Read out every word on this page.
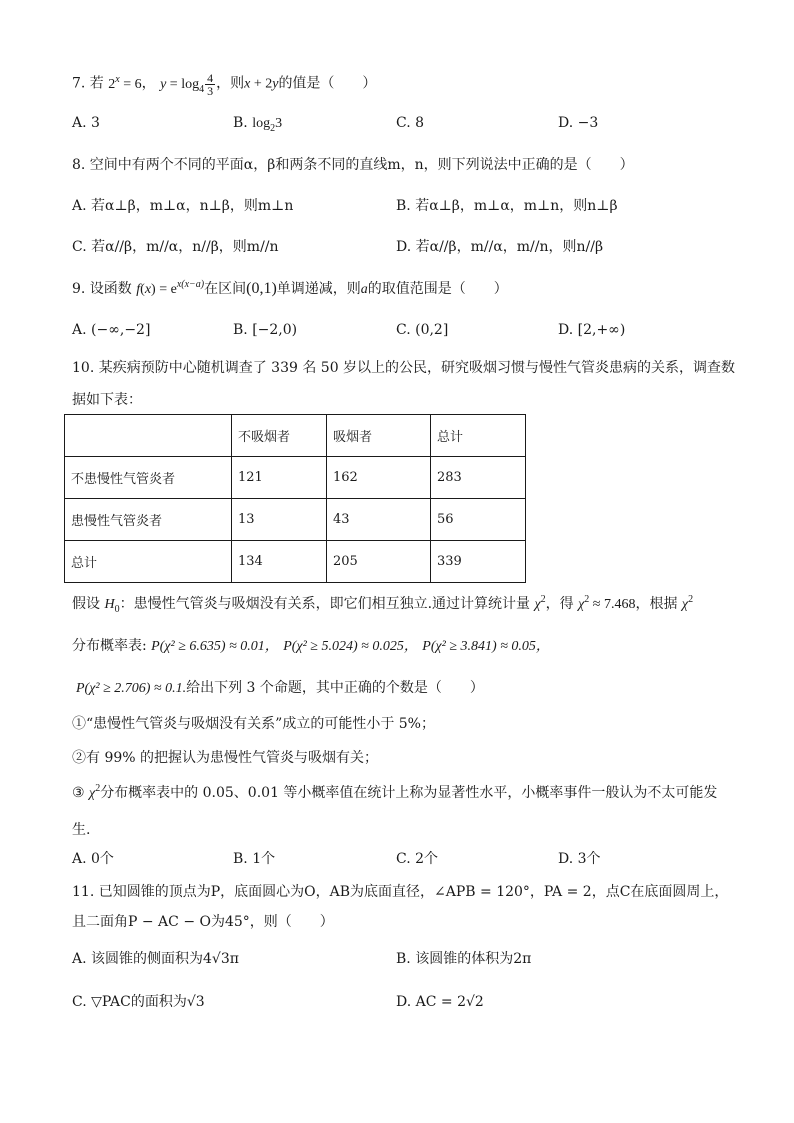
7. 若 $2^x = 6$， $y = \log_4 \frac{4}{3}$ ，则x + 2y的值是（　　）
A. 3	B. $\log_23$	C. 8	D. −3
8. 空间中有两个不同的平面α，β和两条不同的直线m，n，则下列说法中正确的是（　　）
A. 若α⊥β，m⊥α，n⊥β，则m⊥n	B. 若α⊥β，m⊥α，m⊥n，则n⊥β
C. 若α//β，m//α，n//β，则m//n	D. 若α//β，m//α，m//n，则n//β
9. 设函数 $f(x) = e^{x(x-a)}$在区间(0,1)单调递减，则a的取值范围是（　　）
A. (−∞,−2]	B. [−2,0)	C. (0,2]	D. [2,+∞)
10. 某疾病预防中心随机调查了 339 名 50 岁以上的公民，研究吸烟习惯与慢性气管炎患病的关系，调查数
据如下表：
	不吸烟者	吸烟者	总计
不患慢性气管炎者	121	162	283
患慢性气管炎者	13	43	56
总计	134	205	339
假设 $H_0$：患慢性气管炎与吸烟没有关系，即它们相互独立.通过计算统计量 $\chi^2$，得 $\chi^2 \approx 7.468$，根据 $\chi^2$
分布概率表: P(χ² ≥ 6.635) ≈ 0.01， P(χ² ≥ 5.024) ≈ 0.025， P(χ² ≥ 3.841) ≈ 0.05，
P(χ² ≥ 2.706) ≈ 0.1.给出下列 3 个命题，其中正确的个数是（　　）
①“患慢性气管炎与吸烟没有关系”成立的可能性小于 5%；
②有 99% 的把握认为患慢性气管炎与吸烟有关；
③ $\chi^2$分布概率表中的 0.05、0.01 等小概率值在统计上称为显著性水平，小概率事件一般认为不太可能发
生.
A. 0个	B. 1个	C. 2个	D. 3个
11. 已知圆锥的顶点为P，底面圆心为O，AB为底面直径，∠APB = 120°，PA = 2，点C在底面圆周上，
且二面角P − AC − O为45°，则（　　）
A. 该圆锥的侧面积为4√3π	B. 该圆锥的体积为2π
C. ▽PAC的面积为√3	D. AC = 2√2
